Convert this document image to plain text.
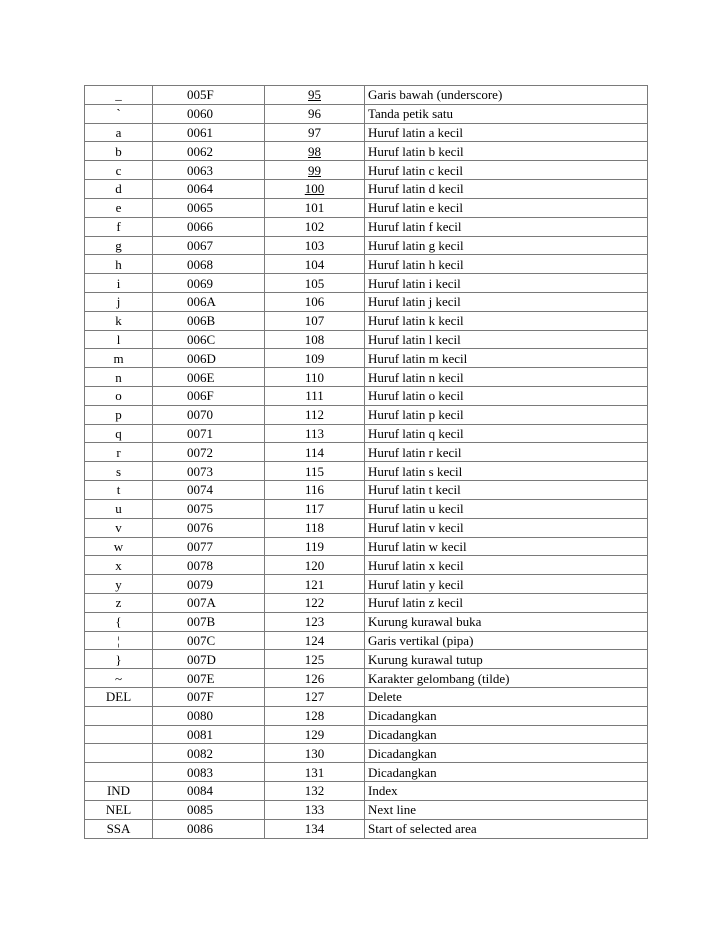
_	005F	95	Garis bawah (underscore)
`	0060	96	Tanda petik satu
a	0061	97	Huruf latin a kecil
b	0062	98	Huruf latin b kecil
c	0063	99	Huruf latin c kecil
d	0064	100	Huruf latin d kecil
e	0065	101	Huruf latin e kecil
f	0066	102	Huruf latin f kecil
g	0067	103	Huruf latin g kecil
h	0068	104	Huruf latin h kecil
i	0069	105	Huruf latin i kecil
j	006A	106	Huruf latin j kecil
k	006B	107	Huruf latin k kecil
l	006C	108	Huruf latin l kecil
m	006D	109	Huruf latin m kecil
n	006E	110	Huruf latin n kecil
o	006F	111	Huruf latin o kecil
p	0070	112	Huruf latin p kecil
q	0071	113	Huruf latin q kecil
r	0072	114	Huruf latin r kecil
s	0073	115	Huruf latin s kecil
t	0074	116	Huruf latin t kecil
u	0075	117	Huruf latin u kecil
v	0076	118	Huruf latin v kecil
w	0077	119	Huruf latin w kecil
x	0078	120	Huruf latin x kecil
y	0079	121	Huruf latin y kecil
z	007A	122	Huruf latin z kecil
{	007B	123	Kurung kurawal buka
¦	007C	124	Garis vertikal (pipa)
}	007D	125	Kurung kurawal tutup
~	007E	126	Karakter gelombang (tilde)
DEL	007F	127	Delete
	0080	128	Dicadangkan
	0081	129	Dicadangkan
	0082	130	Dicadangkan
	0083	131	Dicadangkan
IND	0084	132	Index
NEL	0085	133	Next line
SSA	0086	134	Start of selected area
